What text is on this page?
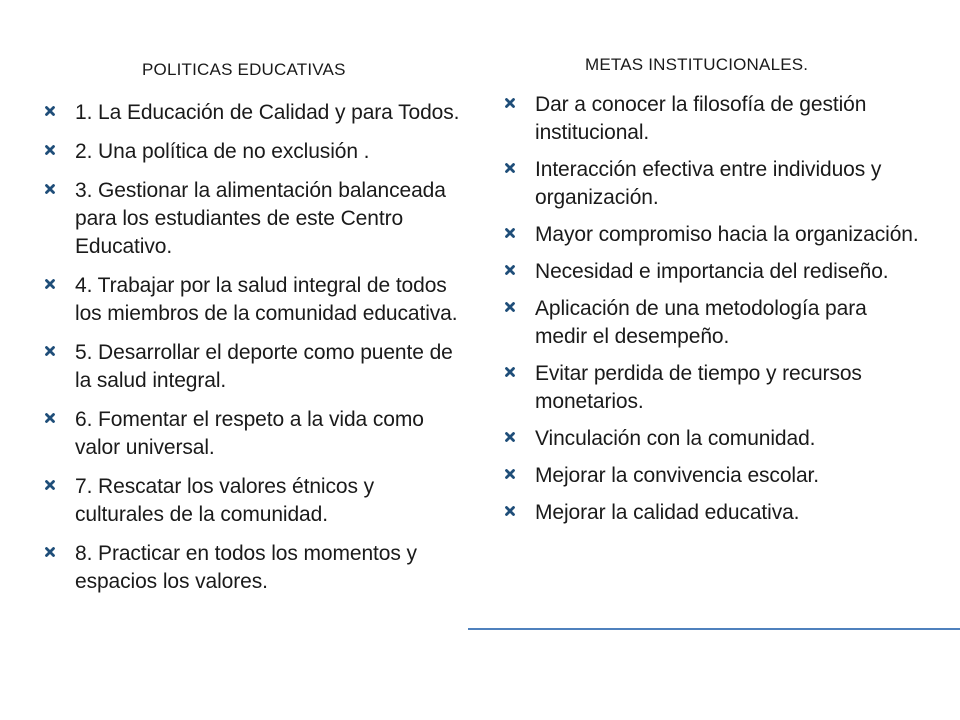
POLITICAS EDUCATIVAS	METAS INSTITUCIONALES.
1. La Educación de Calidad y para Todos.
2. Una política de no exclusión .
3. Gestionar la alimentación balanceada para los estudiantes de este Centro Educativo.
4. Trabajar por la salud integral de todos los miembros de la comunidad educativa.
5. Desarrollar el deporte como puente de la salud integral.
6. Fomentar el respeto a la vida como valor universal.
7. Rescatar los valores étnicos y culturales de la comunidad.
8. Practicar en todos los momentos y espacios los valores.
Dar a conocer la filosofía de gestión institucional.
Interacción efectiva entre individuos y organización.
Mayor compromiso hacia la organización.
Necesidad e importancia del rediseño.
Aplicación de una metodología para medir el desempeño.
Evitar perdida de tiempo y recursos monetarios.
Vinculación con la comunidad.
Mejorar la convivencia escolar.
Mejorar la calidad educativa.
